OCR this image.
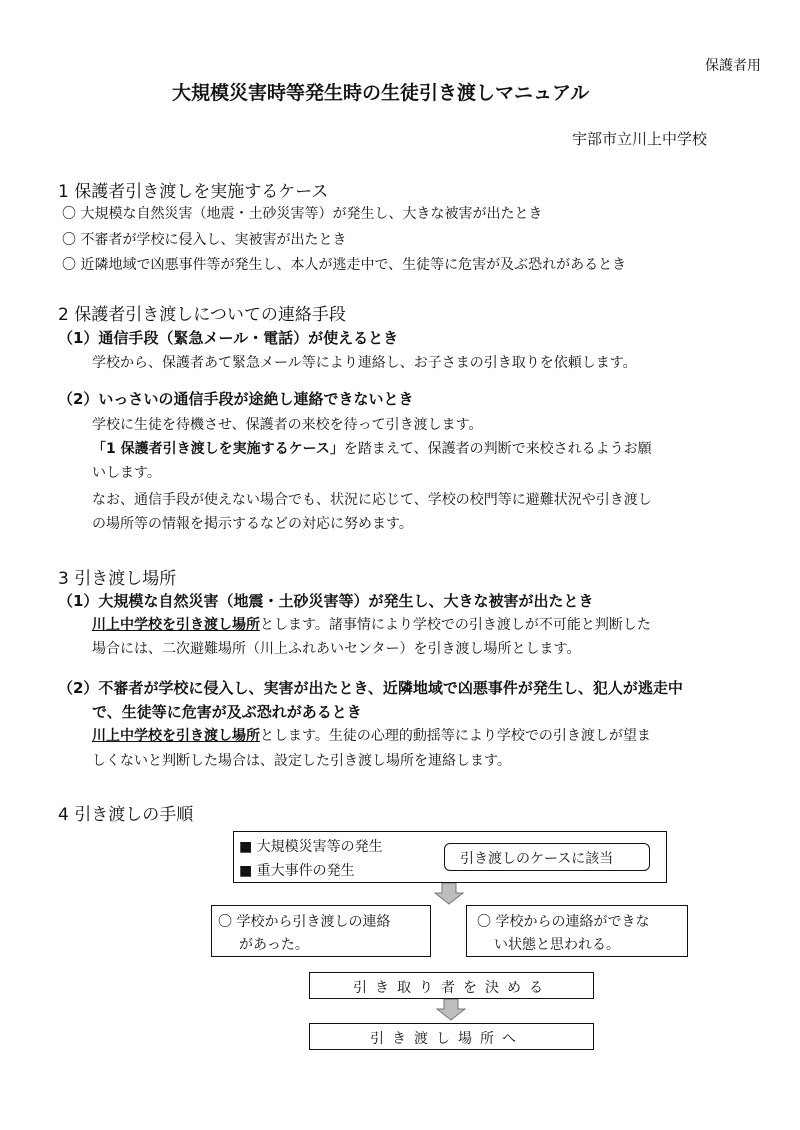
保護者用
大規模災害時等発生時の生徒引き渡しマニュアル
宇部市立川上中学校
1 保護者引き渡しを実施するケース
〇 大規模な自然災害（地震・土砂災害等）が発生し、大きな被害が出たとき
〇 不審者が学校に侵入し、実被害が出たとき
〇 近隣地域で凶悪事件等が発生し、本人が逃走中で、生徒等に危害が及ぶ恐れがあるとき
2 保護者引き渡しについての連絡手段
（1）通信手段（緊急メール・電話）が使えるとき
学校から、保護者あて緊急メール等により連絡し、お子さまの引き取りを依頼します。
（2）いっさいの通信手段が途絶し連絡できないとき
学校に生徒を待機させ、保護者の来校を待って引き渡します。
「1 保護者引き渡しを実施するケース」を踏まえて、保護者の判断で来校されるようお願
いします。
なお、通信手段が使えない場合でも、状況に応じて、学校の校門等に避難状況や引き渡し
の場所等の情報を掲示するなどの対応に努めます。
3 引き渡し場所
（1）大規模な自然災害（地震・土砂災害等）が発生し、大きな被害が出たとき
川上中学校を引き渡し場所とします。諸事情により学校での引き渡しが不可能と判断した
場合には、二次避難場所（川上ふれあいセンター）を引き渡し場所とします。
（2）不審者が学校に侵入し、実害が出たとき、近隣地域で凶悪事件が発生し、犯人が逃走中
で、生徒等に危害が及ぶ恐れがあるとき
川上中学校を引き渡し場所とします。生徒の心理的動揺等により学校での引き渡しが望ま
しくないと判断した場合は、設定した引き渡し場所を連絡します。
4 引き渡しの手順
■ 大規模災害等の発生
■ 重大事件の発生
引き渡しのケースに該当
〇 学校から引き渡しの連絡
があった。
〇 学校からの連絡ができな
い状態と思われる。
引き取り者を決める
引き渡し場所へ
